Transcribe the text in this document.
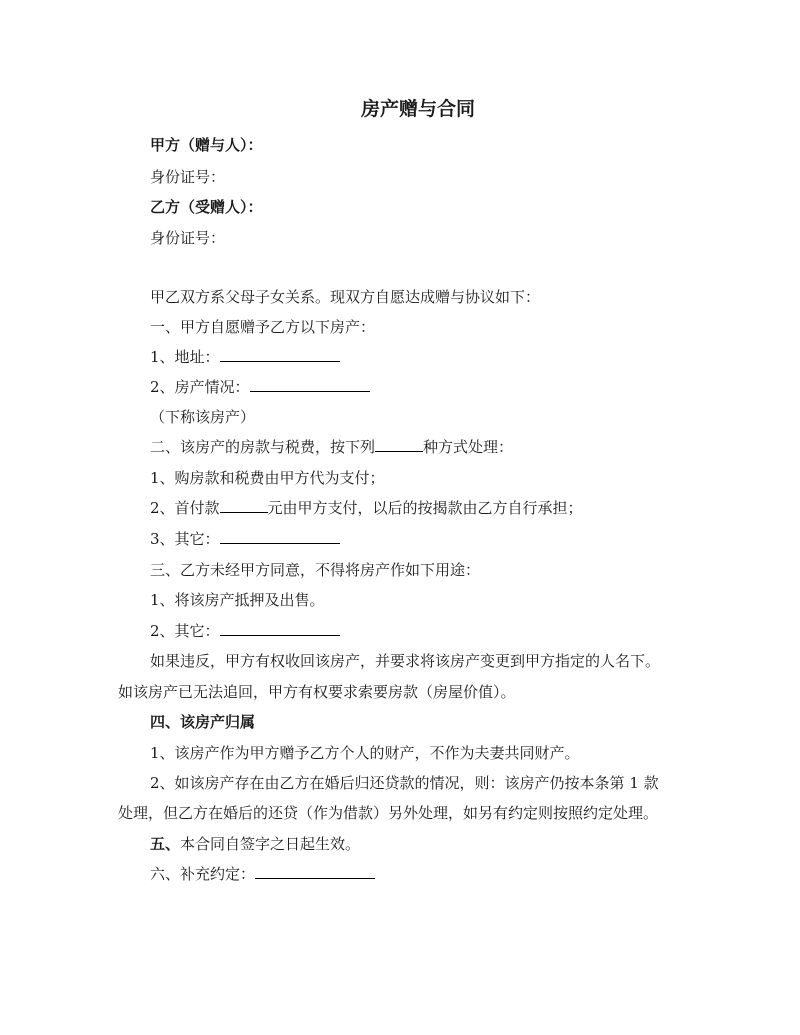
房产赠与合同

甲方（赠与人）：

身份证号：

乙方（受赠人）：

身份证号：

甲乙双方系父母子女关系。现双方自愿达成赠与协议如下：

一、甲方自愿赠予乙方以下房产：

1、地址：

2、房产情况：

（下称该房产）

二、该房产的房款与税费，按下列	种方式处理：

1、购房款和税费由甲方代为支付；

2、首付款	元由甲方支付，以后的按揭款由乙方自行承担；

3、其它：

三、乙方未经甲方同意，不得将房产作如下用途：

1、将该房产抵押及出售。

2、其它：

如果违反，甲方有权收回该房产，并要求将该房产变更到甲方指定的人名下。

如该房产已无法追回，甲方有权要求索要房款（房屋价值）。

四、该房产归属

1、该房产作为甲方赠予乙方个人的财产，不作为夫妻共同财产。

2、如该房产存在由乙方在婚后归还贷款的情况，则：该房产仍按本条第 1 款

处理，但乙方在婚后的还贷（作为借款）另外处理，如另有约定则按照约定处理。

五、本合同自签字之日起生效。

六、补充约定：
